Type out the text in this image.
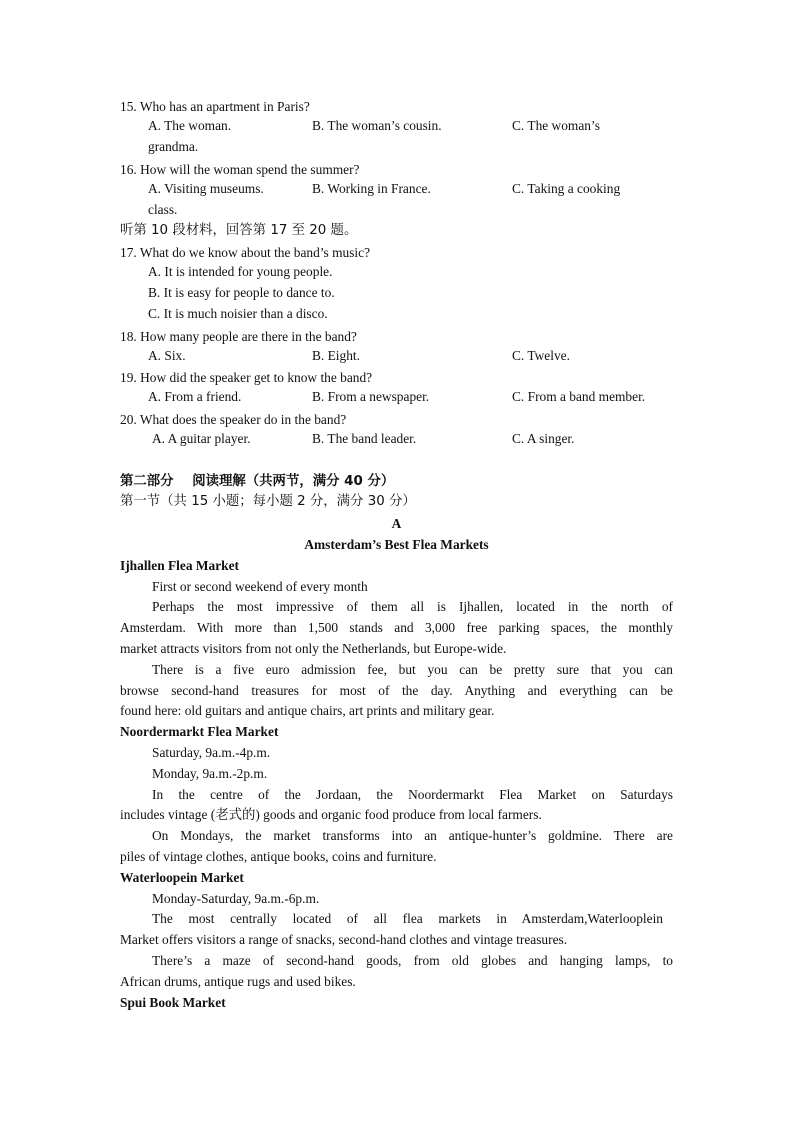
15. Who has an apartment in Paris?
A. The woman.	B. The woman’s cousin.	C. The woman’s
grandma.
16. How will the woman spend the summer?
A. Visiting museums.	B. Working in France.	C. Taking a cooking
class.
听第 10 段材料，回答第 17 至 20 题。
17. What do we know about the band’s music?
A. It is intended for young people.
B. It is easy for people to dance to.
C. It is much noisier than a disco.
18. How many people are there in the band?
A. Six.	B. Eight.	C. Twelve.
19. How did the speaker get to know the band?
A. From a friend.	B. From a newspaper.	C. From a band member.
20. What does the speaker do in the band?
A. A guitar player.	B. The band leader.	C. A singer.
第二部分    阅读理解（共两节，满分 40 分）
第一节（共 15 小题；每小题 2 分，满分 30 分）
A
Amsterdam’s Best Flea Markets
Ijhallen Flea Market
First or second weekend of every month
Perhaps the most impressive of them all is Ijhallen, located in the north of
Amsterdam. With more than 1,500 stands and 3,000 free parking spaces, the monthly
market attracts visitors from not only the Netherlands, but Europe-wide.
There is a five euro admission fee, but you can be pretty sure that you can
browse second-hand treasures for most of the day. Anything and everything can be
found here: old guitars and antique chairs, art prints and military gear.
Noordermarkt Flea Market
Saturday, 9a.m.-4p.m.
Monday, 9a.m.-2p.m.
In the centre of the Jordaan, the Noordermarkt Flea Market on Saturdays
includes vintage (老式的) goods and organic food produce from local farmers.
On Mondays, the market transforms into an antique-hunter’s goldmine. There are
piles of vintage clothes, antique books, coins and furniture.
Waterloopein Market
Monday-Saturday, 9a.m.-6p.m.
The most centrally located of all flea markets in Amsterdam,Waterlooplein
Market offers visitors a range of snacks, second-hand clothes and vintage treasures.
There’s a maze of second-hand goods, from old globes and hanging lamps, to
African drums, antique rugs and used bikes.
Spui Book Market
